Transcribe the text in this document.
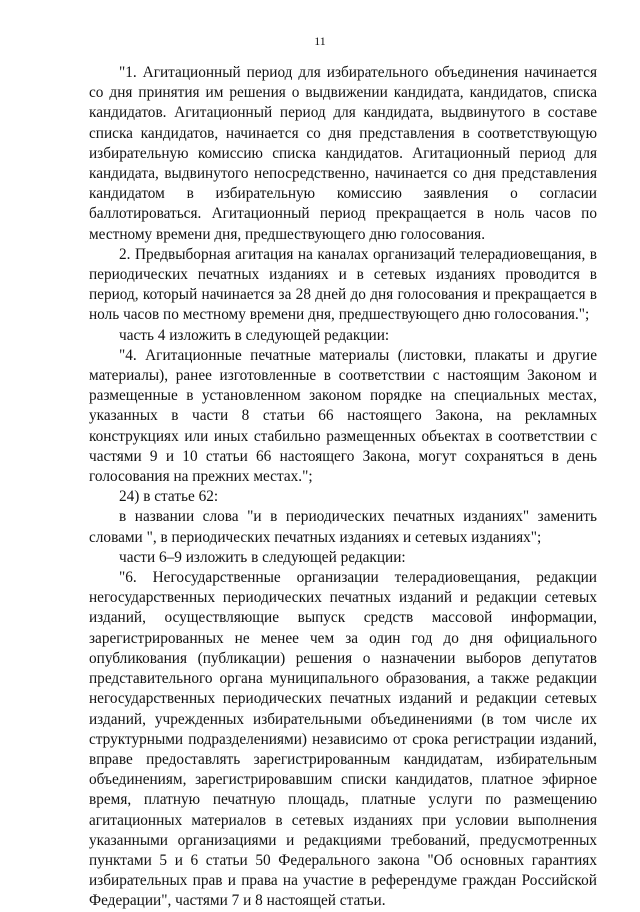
11

"1. Агитационный период для избирательного объединения начинается со дня принятия им решения о выдвижении кандидата, кандидатов, списка кандидатов. Агитационный период для кандидата, выдвинутого в составе списка кандидатов, начинается со дня представления в соответствующую избирательную комиссию списка кандидатов. Агитационный период для кандидата, выдвинутого непосредственно, начинается со дня представления кандидатом в избирательную комиссию заявления о согласии баллотироваться. Агитационный период прекращается в ноль часов по местному времени дня, предшествующего дню голосования.

2. Предвыборная агитация на каналах организаций телерадиовещания, в периодических печатных изданиях и в сетевых изданиях проводится в период, который начинается за 28 дней до дня голосования и прекращается в ноль часов по местному времени дня, предшествующего дню голосования.";

часть 4 изложить в следующей редакции:

"4. Агитационные печатные материалы (листовки, плакаты и другие материалы), ранее изготовленные в соответствии с настоящим Законом и размещенные в установленном законом порядке на специальных местах, указанных в части 8 статьи 66 настоящего Закона, на рекламных конструкциях или иных стабильно размещенных объектах в соответствии с частями 9 и 10 статьи 66 настоящего Закона, могут сохраняться в день голосования на прежних местах.";

24) в статье 62:

в названии слова "и в периодических печатных изданиях" заменить словами ", в периодических печатных изданиях и сетевых изданиях";

части 6–9 изложить в следующей редакции:

"6. Негосударственные организации телерадиовещания, редакции негосударственных периодических печатных изданий и редакции сетевых изданий, осуществляющие выпуск средств массовой информации, зарегистрированных не менее чем за один год до дня официального опубликования (публикации) решения о назначении выборов депутатов представительного органа муниципального образования, а также редакции негосударственных периодических печатных изданий и редакции сетевых изданий, учрежденных избирательными объединениями (в том числе их структурными подразделениями) независимо от срока регистрации изданий, вправе предоставлять зарегистрированным кандидатам, избирательным объединениям, зарегистрировавшим списки кандидатов, платное эфирное время, платную печатную площадь, платные услуги по размещению агитационных материалов в сетевых изданиях при условии выполнения указанными организациями и редакциями требований, предусмотренных пунктами 5 и 6 статьи 50 Федерального закона "Об основных гарантиях избирательных прав и права на участие в референдуме граждан Российской Федерации", частями 7 и 8 настоящей статьи.
